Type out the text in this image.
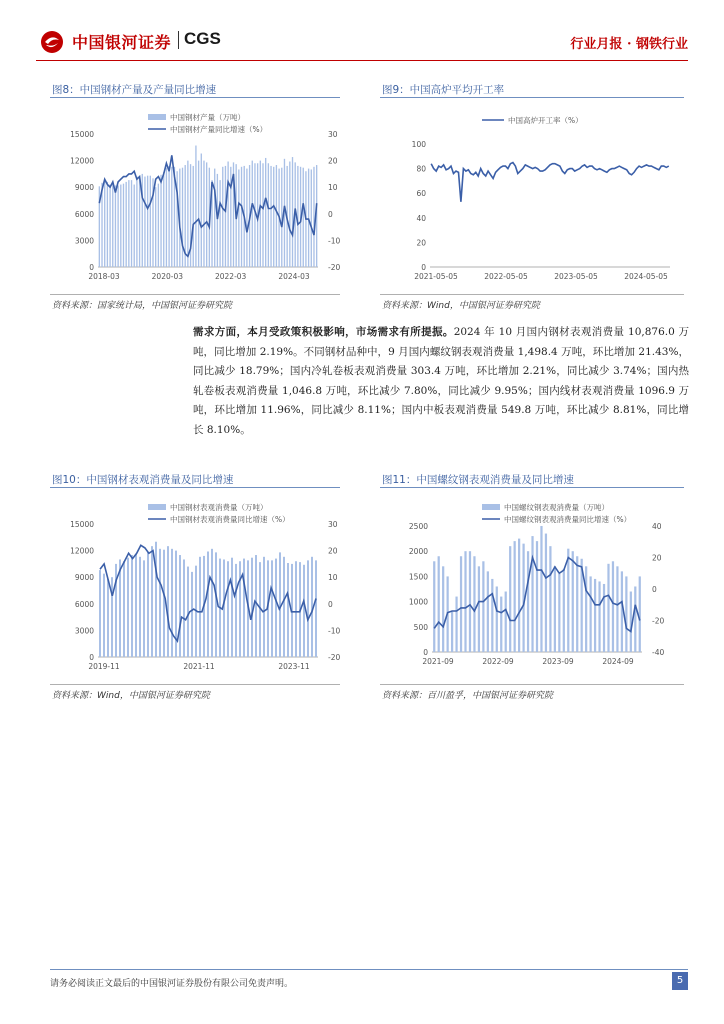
中国银河证券 CGS	行业月报 · 钢铁行业
图8：中国钢材产量及产量同比增速
中国钢材产量（万吨）
中国钢材产量同比增速（%）
15000
12000
9000
6000
3000
0
30
20
10
0
-10
-20
2018-03	2020-03	2022-03	2024-03
资料来源：国家统计局，中国银河证券研究院
图9：中国高炉平均开工率
中国高炉开工率（%）
100
80
60
40
20
0
2021-05-05	2022-05-05	2023-05-05	2024-05-05
资料来源：Wind，中国银河证券研究院
需求方面，本月受政策积极影响，市场需求有所提振。2024 年 10 月国内钢材表观消费量 10,876.0 万吨，同比增加 2.19%。不同钢材品种中，9 月国内螺纹钢表观消费量 1,498.4 万吨，环比增加 21.43%，同比减少 18.79%；国内冷轧卷板表观消费量 303.4 万吨，环比增加 2.21%，同比减少 3.74%；国内热轧卷板表观消费量 1,046.8 万吨，环比减少 7.80%，同比减少 9.95%；国内线材表观消费量 1096.9 万吨，环比增加 11.96%，同比减少 8.11%；国内中板表观消费量 549.8 万吨，环比减少 8.81%，同比增长 8.10%。
图10：中国钢材表观消费量及同比增速
中国钢材表观消费量（万吨）
中国钢材表观消费量同比增速（%）
15000
12000
9000
6000
3000
0
30
20
10
0
-10
-20
2019-11	2021-11	2023-11
资料来源：Wind，中国银河证券研究院
图11：中国螺纹钢表观消费量及同比增速
中国螺纹钢表观消费量（万吨）
中国螺纹钢表观消费量同比增速（%）
2500
2000
1500
1000
500
0
40
20
0
-20
-40
2021-09	2022-09	2023-09	2024-09
资料来源：百川盈孚，中国银河证券研究院
请务必阅读正文最后的中国银河证券股份有限公司免责声明。	5
